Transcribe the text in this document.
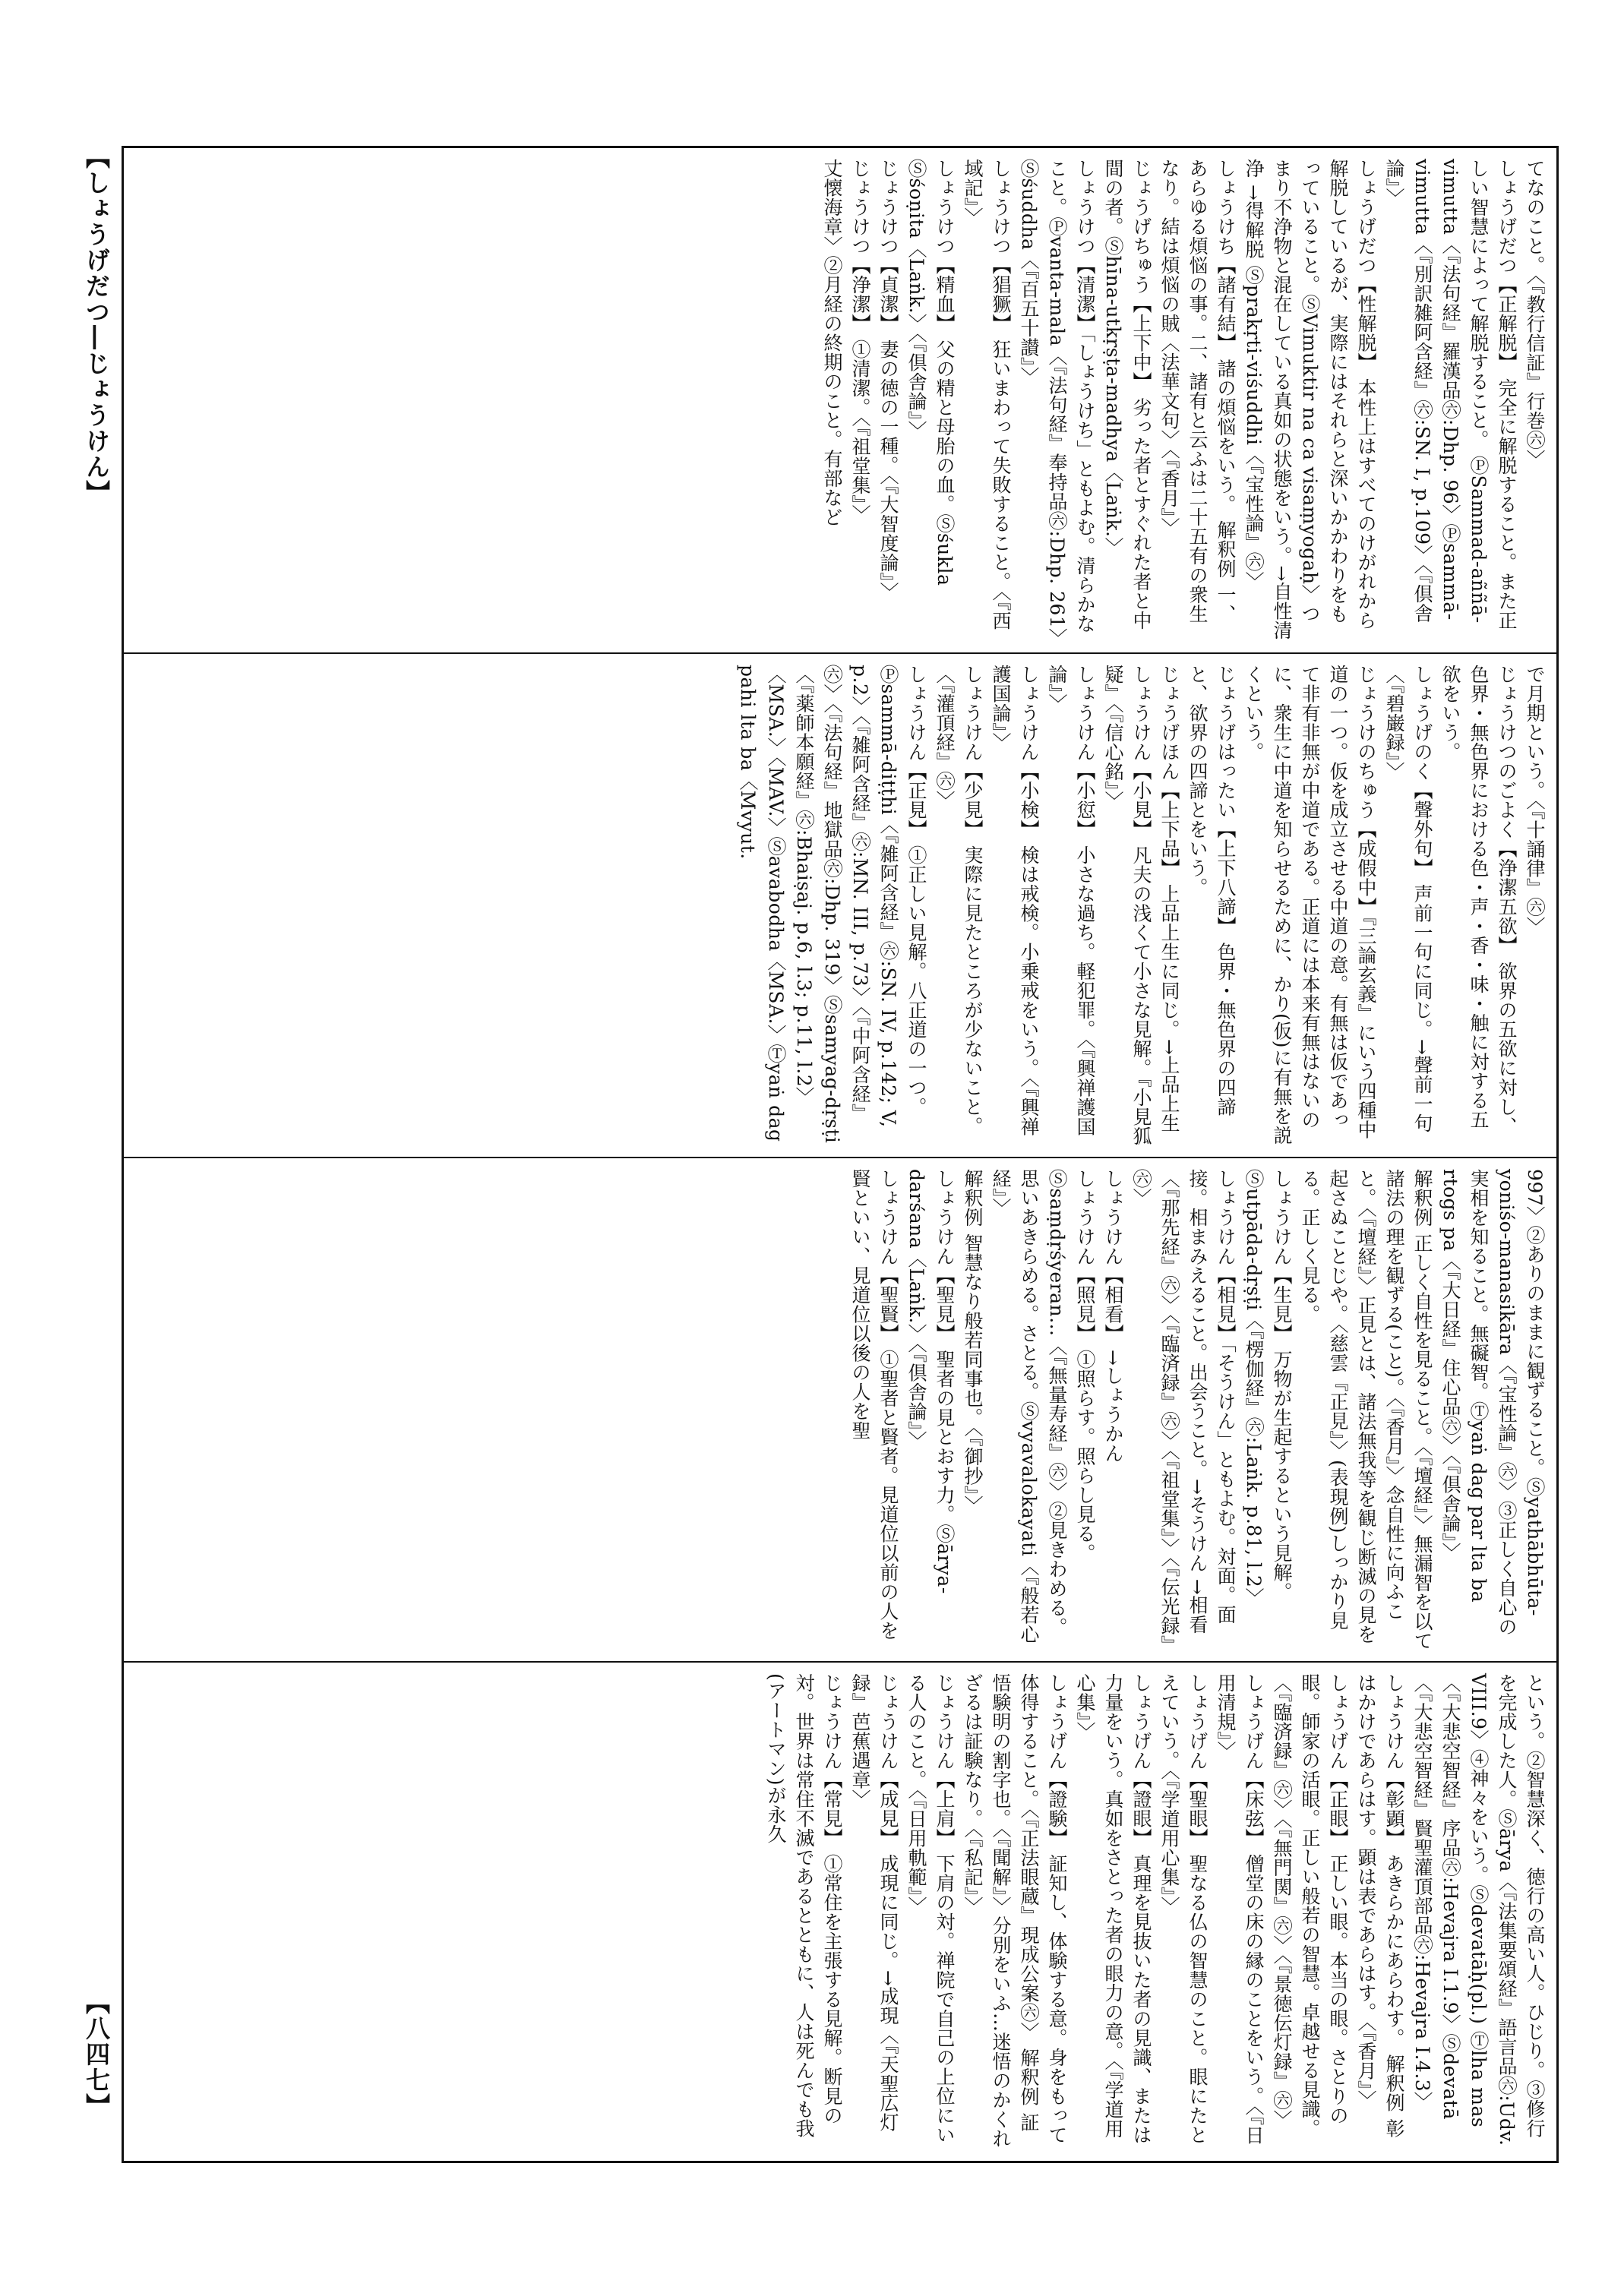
【しょうげだつ―じょうけん】	てなのこと。〈『教行信証』行巻㊅〉
しょうげだつ【正解脱】 完全に解脱すること。また正しい智慧によって解脱すること。 ⓅSammad-aññā-vimutta〈『法句経』羅漢品㊅:Dhp. 96〉Ⓟsammā-vimutta〈『別訳雑阿含経』㊅:SN. I, p.109〉〈『倶舎論』〉
しょうげだつ【性解脱】 本性上はすべてのけがれから解脱しているが、実際にはそれらと深いかかわりをもっていること。ⓈVimuktir na ca visaṃyogaḥ〉つまり不浄物と混在している真如の状態をいう。→自性清浄 →得解脱 Ⓢprakṛti-viśuddhi〈『宝性論』㊅〉
しょうけち【諸有結】 諸の煩悩をいう。 解釈例 一、あらゆる煩悩の事。二、諸有と云ふは二十五有の衆生なり。結は煩悩の賊〈法華文句〉〈『香月』〉
じょうげちゅう【上下中】 劣った者とすぐれた者と中間の者。Ⓢhīna-utkṛṣṭa-madhya〈Laṅk.〉
しょうけつ【清潔】「しょうけち」ともよむ。清らかなこと。Ⓟvanta-mala〈『法句経』奉持品㊅:Dhp. 261〉Ⓢśuddha〈『百五十讃』〉
しょうけつ【猖獗】 狂いまわって失敗すること。〈『西域記』〉
しょうけつ【精血】 父の精と母胎の血。Ⓢśukla Ⓢśoṇita〈Laṅk.〉〈『倶舎論』〉
じょうけつ【貞潔】 妻の徳の一種。〈『大智度論』〉
じょうけつ【浄潔】 ①清潔。〈『祖堂集』〉
丈懐海章〉②月経の終期のこと。有部など
で月期という。〈『十誦律』㊅〉
じょうけつのごよく【浄潔五欲】 欲界の五欲に対し、色界・無色界における色・声・香・味・触に対する五欲をいう。
しょうげのく【聲外句】 声前一句に同じ。→聲前一句〈『碧巌録』〉
じょうけのちゅう【成假中】『三論玄義』にいう四種中道の一つ。仮を成立させる中道の意。有無は仮であって非有非無が中道である。正道には本来有無はないのに、衆生に中道を知らせるために、かり(仮)に有無を説くという。
じょうげはったい【上下八諦】 色界・無色界の四諦と、欲界の四諦とをいう。
じょうげほん【上下品】 上品上生に同じ。→上品上生
しょうけん【小見】 凡夫の浅くて小さな見解。『小見狐疑』〈『信心銘』〉
しょうけん【小愆】 小さな過ち。軽犯罪。〈『興禅護国論』〉
しょうけん【小検】 検は戒検。小乗戒をいう。〈『興禅護国論』〉
しょうけん【少見】 実際に見たところが少ないこと。〈『灌頂経』㊅〉
しょうけん【正見】 ①正しい見解。八正道の一つ。Ⓟsammā-diṭṭhi〈『雑阿含経』㊅:SN. IV, p.142; V, p.2〉〈『雑阿含経』㊅:MN. III, p.73〉〈『中阿含経』㊅〉〈『法句経』地獄品㊅:Dhp. 319〉Ⓢsamyag-dṛṣṭi〈『薬師本願経』㊅:Bhaiṣaj. p.6, l.3; p.11, l.2〉〈MSA.〉〈MAV.〉Ⓢavabodha〈MSA.〉Ⓣyaṅ dag pahi lta ba〈Mvyut.
997〉②ありのままに観ずること。Ⓢyathābhūta-yoniśo-manasikāra〈『宝性論』㊅〉③正しく自心の実相を知ること。無礙智。Ⓣyaṅ dag par lta ba rtogs pa〈『大日経』住心品㊅〉〈『倶舎論』〉
解釈例 正しく自性を見ること。〈『壇経』〉無漏智を以て諸法の理を観ずる(こと)。〈『香月』〉念自性に向ふこと。〈『壇経』〉正見とは、諸法無我等を観じ断滅の見を起さぬことじや。〈慈雲『正見』〉(表現例)しっかり見る。正しく見る。
しょうけん【生見】 万物が生起するという見解。Ⓢutpāda-dṛṣṭi〈『楞伽経』㊅:Laṅk. p.81, l.2〉
しょうけん【相見】「そうけん」ともよむ。対面。面接。相まみえること。出会うこと。→そうけん →相看〈『那先経』㊅〉〈『臨済録』㊅〉〈『祖堂集』〉〈『伝光録』㊅〉
しょうけん【相看】 →しょうかん
しょうけん【照見】 ①照らす。照らし見る。Ⓢsaṃdṛśyeran…〈『無量寿経』㊅〉②見きわめる。思いあきらめる。さとる。Ⓢvyavalokayati〈『般若心経』〉
解釈例 智慧なり般若同事也。〈『御抄』〉
しょうけん【聖見】 聖者の見とおす力。Ⓢārya-darśana〈Laṅk.〉〈『倶舎論』〉
しょうけん【聖賢】 ①聖者と賢者。見道位以前の人を賢といい、見道位以後の人を聖
という。②智慧深く、徳行の高い人。ひじり。③修行を完成した人。Ⓢārya〈『法集要頌経』語言品㊅:Udv. VIII.9〉④神々をいう。Ⓢdevatāḥ(pl.) Ⓣlha mas〈『大悲空智経』序品㊅:Hevajra I.1.9〉Ⓢdevatā〈『大悲空智経』賢聖灌頂部品㊅:Hevajra I.4.3〉
しょうけん【彰顕】 あきらかにあらわす。 解釈例 彰はかけであらはす。顕は表であらはす。〈『香月』〉
しょうげん【正眼】 正しい眼。本当の眼。さとりの眼。師家の活眼。正しい般若の智慧。卓越せる見識。〈『臨済録』㊅〉〈『無門関』㊅〉〈『景徳伝灯録』㊅〉
しょうげん【床弦】 僧堂の床の縁のことをいう。〈『日用清規』〉
しょうげん【聖眼】 聖なる仏の智慧のこと。眼にたとえていう。〈『学道用心集』〉
しょうげん【證眼】 真理を見抜いた者の見識、または力量をいう。真如をさとった者の眼力の意。〈『学道用心集』〉
しょうげん【證験】 証知し、体験する意。身をもって体得すること。〈『正法眼蔵』現成公案㊅〉 解釈例 証悟験明の割字也。〈『聞解』〉分別をいふ…迷悟のかくれざるは証験なり。〈『私記』〉
じょうけん【上肩】 下肩の対。禅院で自己の上位にいる人のこと。〈『日用軌範』〉
じょうけん【成見】 成現に同じ。→成現〈『天聖広灯録』芭蕉遇章〉
じょうけん【常見】 ①常住を主張する見解。断見の対。世界は常住不滅であるとともに、人は死んでも我(アートマン)が永久
【八四七】
